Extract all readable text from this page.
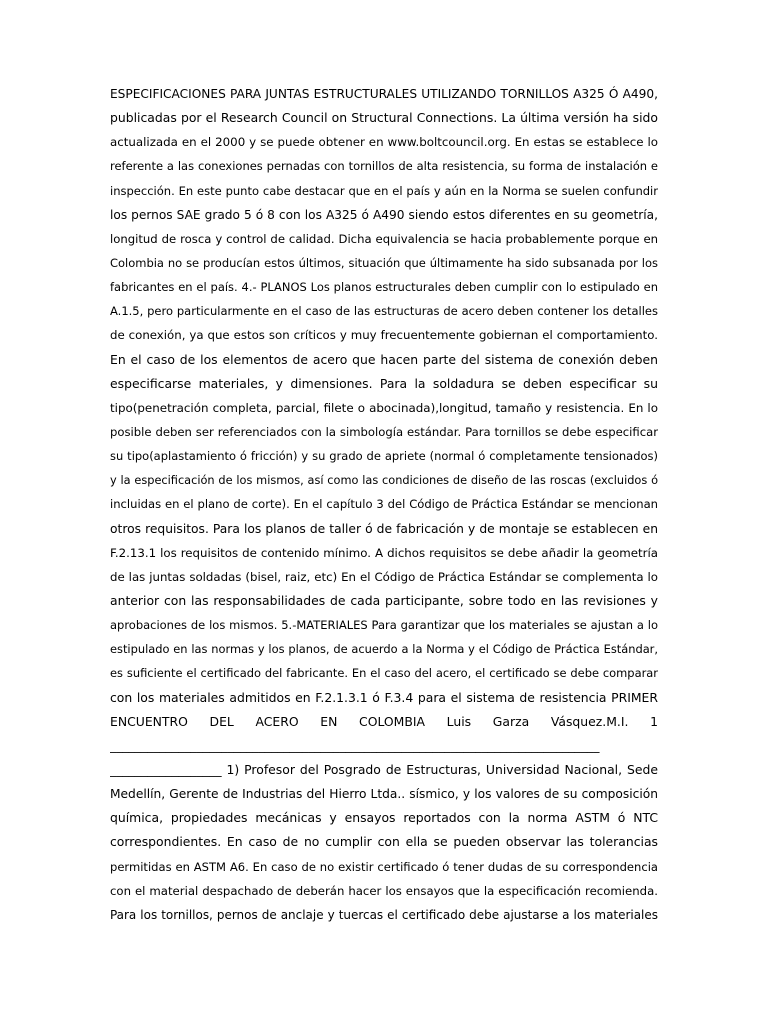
ESPECIFICACIONES PARA JUNTAS ESTRUCTURALES UTILIZANDO TORNILLOS A325 Ó A490,
publicadas por el Research Council on Structural Connections. La última versión ha sido
actualizada en el 2000 y se puede obtener en www.boltcouncil.org. En estas se establece lo
referente a las conexiones pernadas con tornillos de alta resistencia, su forma de instalación e
inspección. En este punto cabe destacar que en el país y aún en la Norma se suelen confundir
los pernos SAE grado 5 ó 8 con los A325 ó A490 siendo estos diferentes en su geometría,
longitud de rosca y control de calidad. Dicha equivalencia se hacia probablemente porque en
Colombia no se producían estos últimos, situación que últimamente ha sido subsanada por los
fabricantes en el país. 4.- PLANOS Los planos estructurales deben cumplir con lo estipulado en
A.1.5, pero particularmente en el caso de las estructuras de acero deben contener los detalles
de conexión, ya que estos son críticos y muy frecuentemente gobiernan el comportamiento.
En el caso de los elementos de acero que hacen parte del sistema de conexión deben
especificarse materiales, y dimensiones. Para la soldadura se deben especificar su
tipo(penetración completa, parcial, filete o abocinada),longitud, tamaño y resistencia. En lo
posible deben ser referenciados con la simbología estándar. Para tornillos se debe especificar
su tipo(aplastamiento ó fricción) y su grado de apriete (normal ó completamente tensionados)
y la especificación de los mismos, así como las condiciones de diseño de las roscas (excluidos ó
incluidas en el plano de corte). En el capítulo 3 del Código de Práctica Estándar se mencionan
otros requisitos. Para los planos de taller ó de fabricación y de montaje se establecen en
F.2.13.1 los requisitos de contenido mínimo. A dichos requisitos se debe añadir la geometría
de las juntas soldadas (bisel, raiz, etc) En el Código de Práctica Estándar se complementa lo
anterior con las responsabilidades de cada participante, sobre todo en las revisiones y
aprobaciones de los mismos. 5.-MATERIALES Para garantizar que los materiales se ajustan a lo
estipulado en las normas y los planos, de acuerdo a la Norma y el Código de Práctica Estándar,
es suficiente el certificado del fabricante. En el caso del acero, el certificado se debe comparar
con los materiales admitidos en F.2.1.3.1 ó F.3.4 para el sistema de resistencia PRIMER
ENCUENTRO DEL ACERO EN COLOMBIA Luis Garza Vásquez.M.I. 1
_______________________________________________________________________________
__________________ 1) Profesor del Posgrado de Estructuras, Universidad Nacional, Sede
Medellín, Gerente de Industrias del Hierro Ltda.. sísmico, y los valores de su composición
química, propiedades mecánicas y ensayos reportados con la norma ASTM ó NTC
correspondientes. En caso de no cumplir con ella se pueden observar las tolerancias
permitidas en ASTM A6. En caso de no existir certificado ó tener dudas de su correspondencia
con el material despachado de deberán hacer los ensayos que la especificación recomienda.
Para los tornillos, pernos de anclaje y tuercas el certificado debe ajustarse a los materiales
